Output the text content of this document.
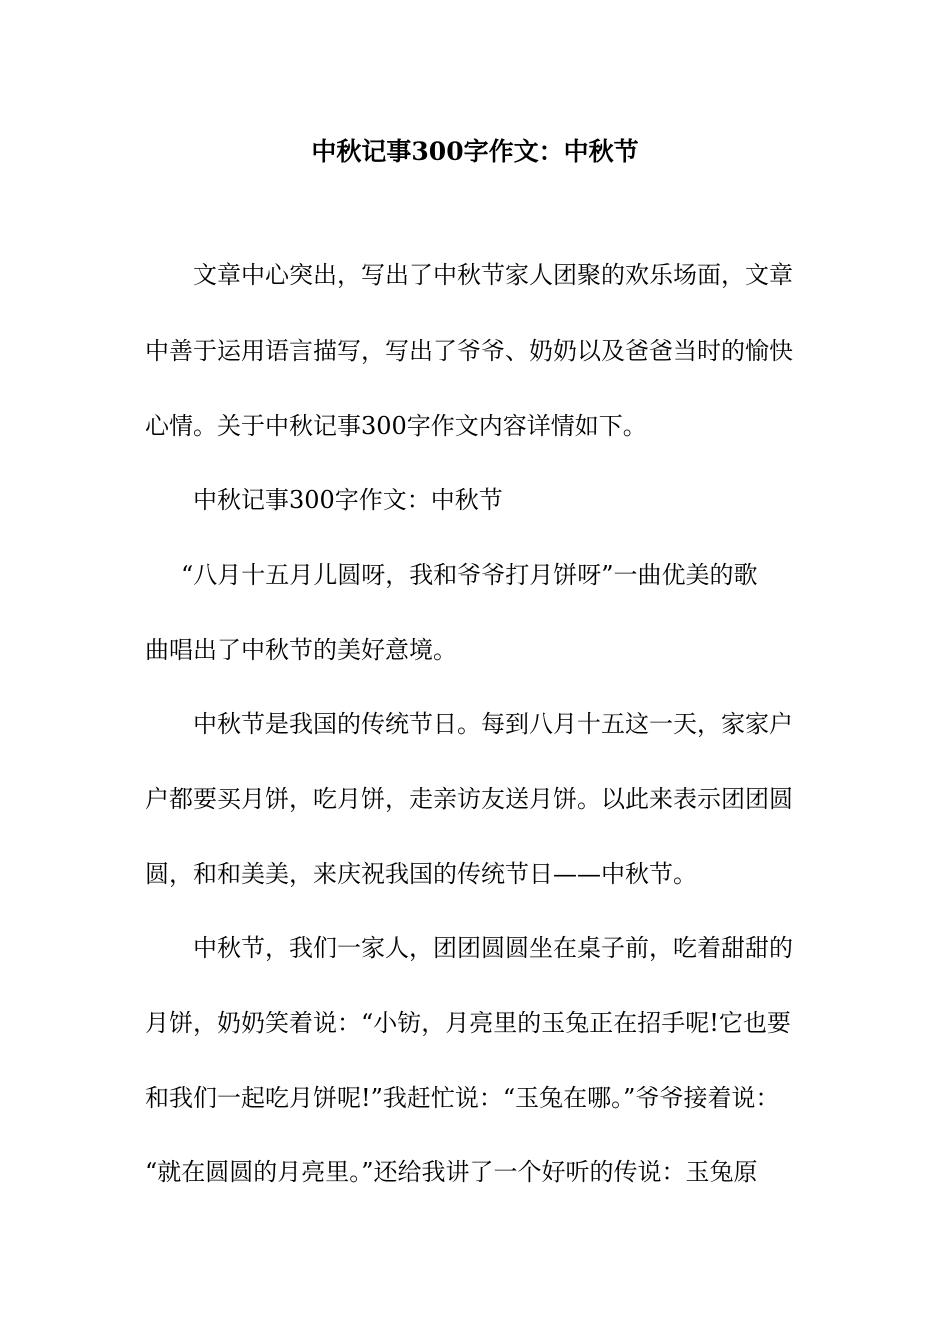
中秋记事300字作文：中秋节
文章中心突出，写出了中秋节家人团聚的欢乐场面，文章
中善于运用语言描写，写出了爷爷、奶奶以及爸爸当时的愉快
心情。关于中秋记事300字作文内容详情如下。
中秋记事300字作文：中秋节
“八月十五月儿圆呀，我和爷爷打月饼呀”一曲优美的歌
曲唱出了中秋节的美好意境。
中秋节是我国的传统节日。每到八月十五这一天，家家户
户都要买月饼，吃月饼，走亲访友送月饼。以此来表示团团圆
圆，和和美美，来庆祝我国的传统节日——中秋节。
中秋节，我们一家人，团团圆圆坐在桌子前，吃着甜甜的
月饼，奶奶笑着说：“小钫，月亮里的玉兔正在招手呢!它也要
和我们一起吃月饼呢!”我赶忙说：“玉兔在哪。”爷爷接着说：
“就在圆圆的月亮里。”还给我讲了一个好听的传说：玉兔原
